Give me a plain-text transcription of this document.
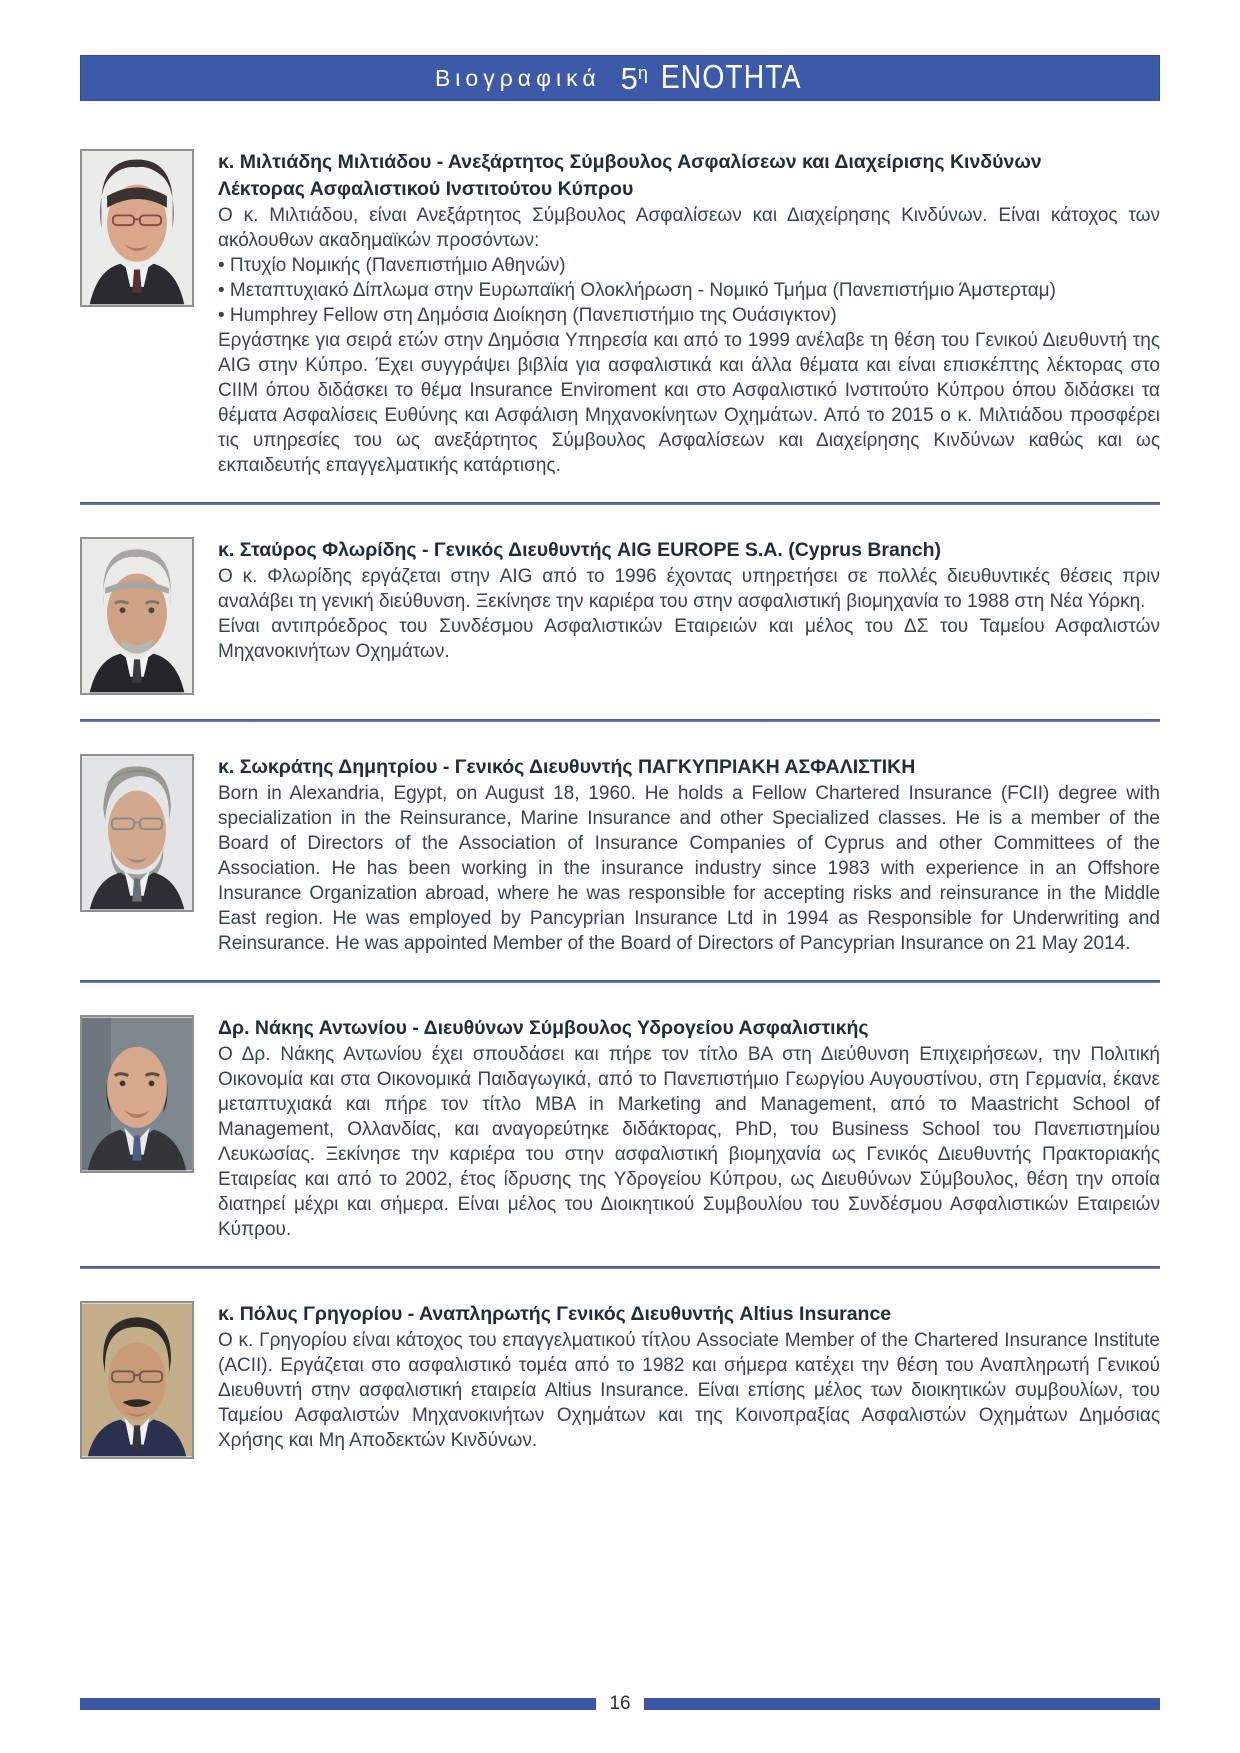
Βιογραφικά $5^\eta$ ΕΝΟΤΗΤΑ
κ. Μιλτιάδης Μιλτιάδου - Ανεξάρτητος Σύμβουλος Ασφαλίσεων και Διαχείρισης Κινδύνων
Λέκτορας Ασφαλιστικού Ινστιτούτου Κύπρου
Ο κ. Μιλτιάδου, είναι Ανεξάρτητος Σύμβουλος Ασφαλίσεων και Διαχείρησης Κινδύνων. Είναι κάτοχος των ακόλουθων ακαδημαϊκών προσόντων:
• Πτυχίο Νομικής (Πανεπιστήμιο Αθηνών)
• Μεταπτυχιακό Δίπλωμα στην Ευρωπαϊκή Ολοκλήρωση - Νομικό Τμήμα (Πανεπιστήμιο Άμστερταμ)
• Humphrey Fellow στη Δημόσια Διοίκηση (Πανεπιστήμιο της Ουάσιγκτον)
Εργάστηκε για σειρά ετών στην Δημόσια Υπηρεσία και από το 1999 ανέλαβε τη θέση του Γενικού Διευθυντή της AIG στην Κύπρο. Έχει συγγράψει βιβλία για ασφαλιστικά και άλλα θέματα και είναι επισκέπτης λέκτορας στο CIIM όπου διδάσκει το θέμα Insurance Enviroment και στο Ασφαλιστικό Ινστιτούτο Κύπρου όπου διδάσκει τα θέματα Ασφαλίσεις Ευθύνης και Ασφάλιση Μηχανοκίνητων Οχημάτων. Από το 2015 ο κ. Μιλτιάδου προσφέρει τις υπηρεσίες του ως ανεξάρτητος Σύμβουλος Ασφαλίσεων και Διαχείρησης Κινδύνων καθώς και ως εκπαιδευτής επαγγελματικής κατάρτισης.
κ. Σταύρος Φλωρίδης - Γενικός Διευθυντής AIG EUROPE S.A. (Cyprus Branch)
Ο κ. Φλωρίδης εργάζεται στην AIG από το 1996 έχοντας υπηρετήσει σε πολλές διευθυντικές θέσεις πριν αναλάβει τη γενική διεύθυνση. Ξεκίνησε την καριέρα του στην ασφαλιστική βιομηχανία το 1988 στη Νέα Υόρκη.
Είναι αντιπρόεδρος του Συνδέσμου Ασφαλιστικών Εταιρειών και μέλος του ΔΣ του Ταμείου Ασφαλιστών Μηχανοκινήτων Οχημάτων.
κ. Σωκράτης Δημητρίου - Γενικός Διευθυντής ΠΑΓΚΥΠΡΙΑΚΗ ΑΣΦΑΛΙΣΤΙΚΗ
Born in Alexandria, Egypt, on August 18, 1960. He holds a Fellow Chartered Insurance (FCII) degree with specialization in the Reinsurance, Marine Insurance and other Specialized classes. He is a member of the Board of Directors of the Association of Insurance Companies of Cyprus and other Committees of the Association. He has been working in the insurance industry since 1983 with experience in an Offshore Insurance Organization abroad, where he was responsible for accepting risks and reinsurance in the Middle East region. He was employed by Pancyprian Insurance Ltd in 1994 as Responsible for Underwriting and Reinsurance. He was appointed Member of the Board of Directors of Pancyprian Insurance on 21 May 2014.
Δρ. Νάκης Αντωνίου - Διευθύνων Σύμβουλος Υδρογείου Ασφαλιστικής
Ο Δρ. Νάκης Αντωνίου έχει σπουδάσει και πήρε τον τίτλο BA στη Διεύθυνση Επιχειρήσεων, την Πολιτική Οικονομία και στα Οικονομικά Παιδαγωγικά, από το Πανεπιστήμιο Γεωργίου Αυγουστίνου, στη Γερμανία, έκανε μεταπτυχιακά και πήρε τον τίτλο MBA in Marketing and Management, από το Maastricht School of Management, Ολλανδίας, και αναγορεύτηκε διδάκτορας, PhD, του Business School του Πανεπιστημίου Λευκωσίας. Ξεκίνησε την καριέρα του στην ασφαλιστική βιομηχανία ως Γενικός Διευθυντής Πρακτοριακής Εταιρείας και από το 2002, έτος ίδρυσης της Υδρογείου Κύπρου, ως Διευθύνων Σύμβουλος, θέση την οποία διατηρεί μέχρι και σήμερα. Είναι μέλος του Διοικητικού Συμβουλίου του Συνδέσμου Ασφαλιστικών Εταιρειών Κύπρου.
κ. Πόλυς Γρηγορίου - Αναπληρωτής Γενικός Διευθυντής Altius Insurance
Ο κ. Γρηγορίου είναι κάτοχος του επαγγελματικού τίτλου Associate Member of the Chartered Insurance Institute (ACII). Εργάζεται στο ασφαλιστικό τομέα από το 1982 και σήμερα κατέχει την θέση του Αναπληρωτή Γενικού Διευθυντή στην ασφαλιστική εταιρεία Altius Insurance. Είναι επίσης μέλος των διοικητικών συμβουλίων, του Ταμείου Ασφαλιστών Μηχανοκινήτων Οχημάτων και της Κοινοπραξίας Ασφαλιστών Οχημάτων Δημόσιας Χρήσης και Μη Αποδεκτών Κινδύνων.
16
